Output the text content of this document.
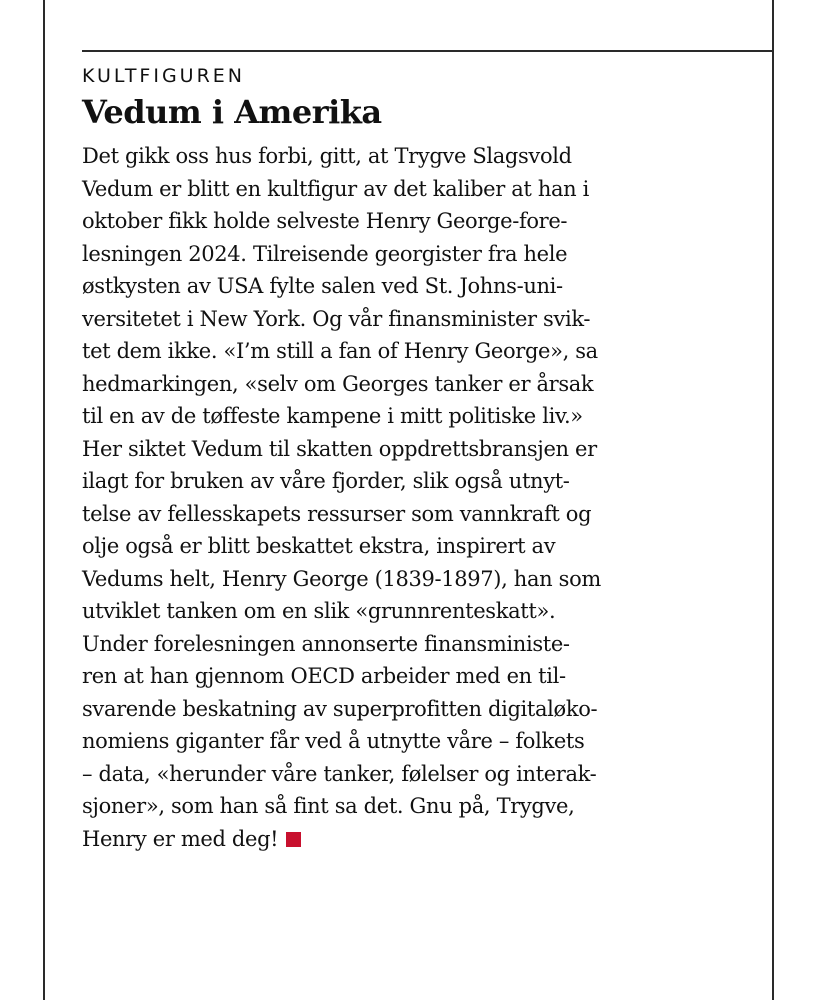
KULTFIGUREN
Vedum i Amerika
Det gikk oss hus forbi, gitt, at Trygve Slagsvold
Vedum er blitt en kultfigur av det kaliber at han i
oktober fikk holde selveste Henry George-fore-
lesningen 2024. Tilreisende georgister fra hele
østkysten av USA fylte salen ved St. Johns-uni-
versitetet i New York. Og vår finansminister svik-
tet dem ikke. «I’m still a fan of Henry George», sa
hedmarkingen, «selv om Georges tanker er årsak
til en av de tøffeste kampene i mitt politiske liv.»
Her siktet Vedum til skatten oppdrettsbransjen er
ilagt for bruken av våre fjorder, slik også utnyt-
telse av fellesskapets ressurser som vannkraft og
olje også er blitt beskattet ekstra, inspirert av
Vedums helt, Henry George (1839-1897), han som
utviklet tanken om en slik «grunnrenteskatt».
Under forelesningen annonserte finansministe-
ren at han gjennom OECD arbeider med en til-
svarende beskatning av superprofitten digitaløko-
nomiens giganter får ved å utnytte våre – folkets
– data, «herunder våre tanker, følelser og interak-
sjoner», som han så fint sa det. Gnu på, Trygve,
Henry er med deg!
